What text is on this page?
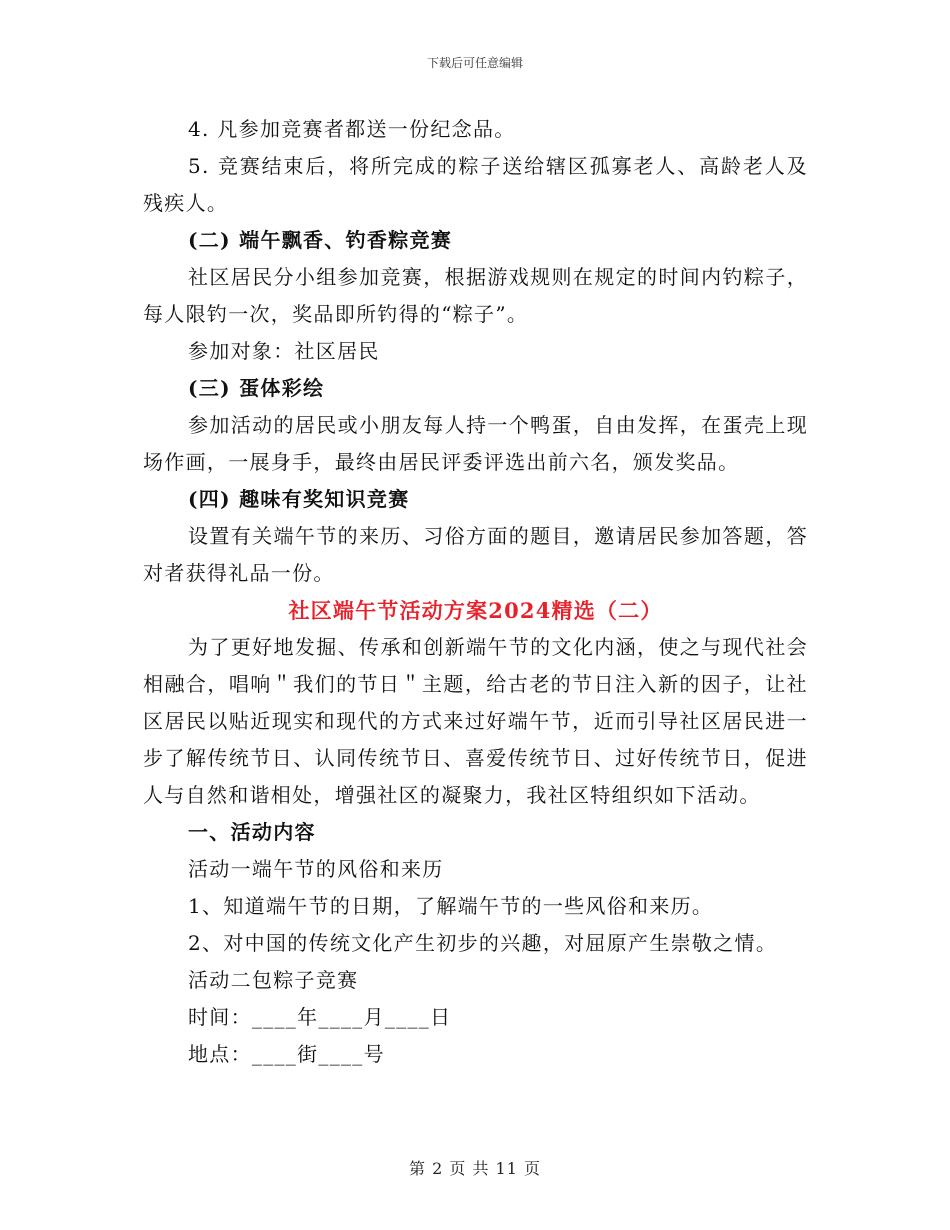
下载后可任意编辑

4. 凡参加竞赛者都送一份纪念品。

5. 竞赛结束后，将所完成的粽子送给辖区孤寡老人、高龄老人及残疾人。

(二) 端午飘香、钓香粽竞赛

社区居民分小组参加竞赛，根据游戏规则在规定的时间内钓粽子，每人限钓一次，奖品即所钓得的“粽子”。

参加对象：社区居民

(三) 蛋体彩绘

参加活动的居民或小朋友每人持一个鸭蛋，自由发挥，在蛋壳上现场作画，一展身手，最终由居民评委评选出前六名，颁发奖品。

(四) 趣味有奖知识竞赛

设置有关端午节的来历、习俗方面的题目，邀请居民参加答题，答对者获得礼品一份。

社区端午节活动方案2024精选（二）

为了更好地发掘、传承和创新端午节的文化内涵，使之与现代社会相融合，唱响＂我们的节日＂主题，给古老的节日注入新的因子，让社区居民以贴近现实和现代的方式来过好端午节，近而引导社区居民进一步了解传统节日、认同传统节日、喜爱传统节日、过好传统节日，促进人与自然和谐相处，增强社区的凝聚力，我社区特组织如下活动。

一、活动内容

活动一端午节的风俗和来历

1、知道端午节的日期，了解端午节的一些风俗和来历。

2、对中国的传统文化产生初步的兴趣，对屈原产生崇敬之情。

活动二包粽子竞赛

时间：____年____月____日

地点：____街____号

第 2 页 共 11 页
